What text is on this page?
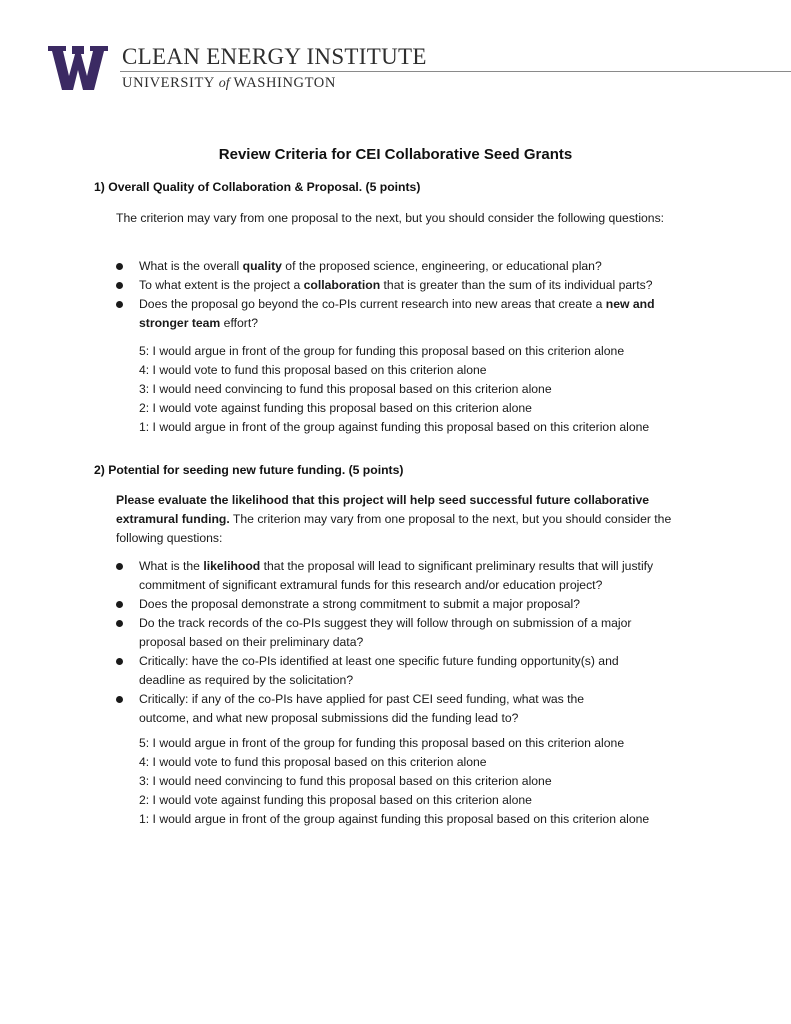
CLEAN ENERGY INSTITUTE
UNIVERSITY of WASHINGTON
Review Criteria for CEI Collaborative Seed Grants
1) Overall Quality of Collaboration & Proposal. (5 points)

The criterion may vary from one proposal to the next, but you should consider the following questions:

What is the overall quality of the proposed science, engineering, or educational plan?
To what extent is the project a collaboration that is greater than the sum of its individual parts?
Does the proposal go beyond the co-PIs current research into new areas that create a new and stronger team effort?
5: I would argue in front of the group for funding this proposal based on this criterion alone
4: I would vote to fund this proposal based on this criterion alone
3: I would need convincing to fund this proposal based on this criterion alone
2: I would vote against funding this proposal based on this criterion alone
1: I would argue in front of the group against funding this proposal based on this criterion alone
2) Potential for seeding new future funding. (5 points)

Please evaluate the likelihood that this project will help seed successful future collaborative extramural funding. The criterion may vary from one proposal to the next, but you should consider the following questions:

What is the likelihood that the proposal will lead to significant preliminary results that will justify commitment of significant extramural funds for this research and/or education project?
Does the proposal demonstrate a strong commitment to submit a major proposal?
Do the track records of the co-PIs suggest they will follow through on submission of a major proposal based on their preliminary data?
Critically: have the co-PIs identified at least one specific future funding opportunity(s) and deadline as required by the solicitation?
Critically: if any of the co-PIs have applied for past CEI seed funding, what was the outcome, and what new proposal submissions did the funding lead to?
5: I would argue in front of the group for funding this proposal based on this criterion alone
4: I would vote to fund this proposal based on this criterion alone
3: I would need convincing to fund this proposal based on this criterion alone
2: I would vote against funding this proposal based on this criterion alone
1: I would argue in front of the group against funding this proposal based on this criterion alone
